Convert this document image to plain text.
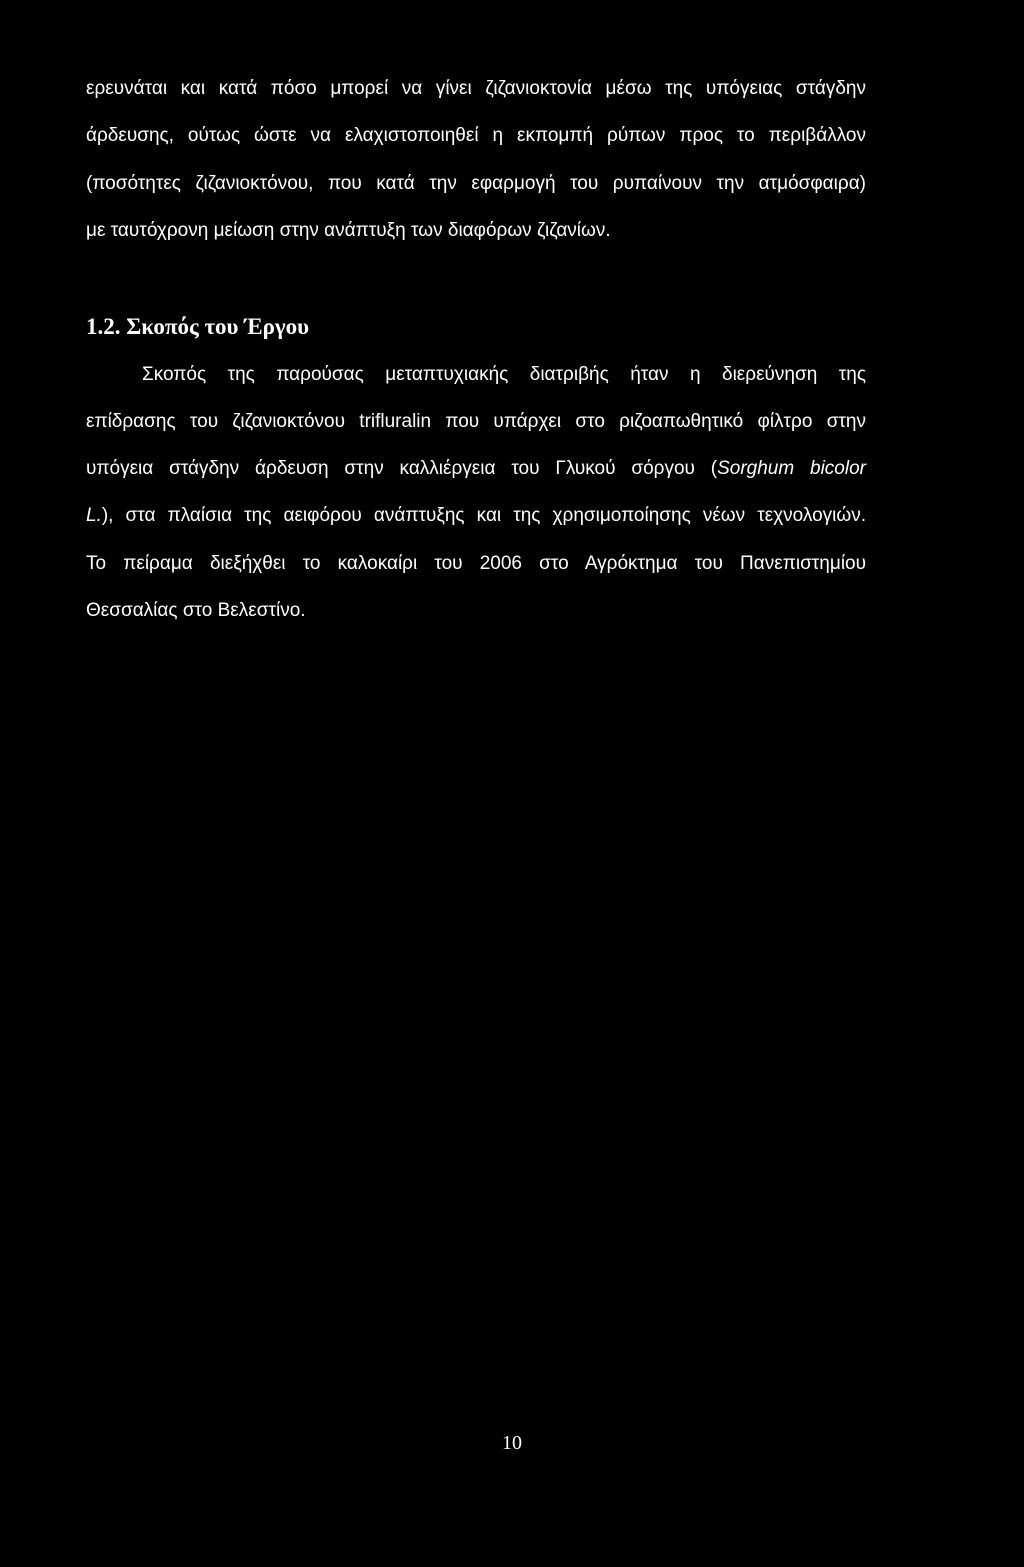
ερευνάται και κατά πόσο μπορεί να γίνει ζιζανιοκτονία μέσω της υπόγειας στάγδην

άρδευσης, ούτως ώστε να ελαχιστοποιηθεί η εκπομπή ρύπων προς το περιβάλλον

(ποσότητες ζιζανιοκτόνου, που κατά την εφαρμογή του ρυπαίνουν την ατμόσφαιρα)

με ταυτόχρονη μείωση στην ανάπτυξη των διαφόρων ζιζανίων.

1.2. Σκοπός του Έργου

Σκοπός της παρούσας μεταπτυχιακής διατριβής ήταν η διερεύνηση της

επίδρασης του ζιζανιοκτόνου trifluralin που υπάρχει στο ριζοαπωθητικό φίλτρο στην

υπόγεια στάγδην άρδευση στην καλλιέργεια του Γλυκού σόργου (Sorghum bicolor

L.), στα πλαίσια της αειφόρου ανάπτυξης και της χρησιμοποίησης νέων τεχνολογιών.

Το πείραμα διεξήχθει το καλοκαίρι του 2006 στο Αγρόκτημα του Πανεπιστημίου

Θεσσαλίας στο Βελεστίνο.

10
